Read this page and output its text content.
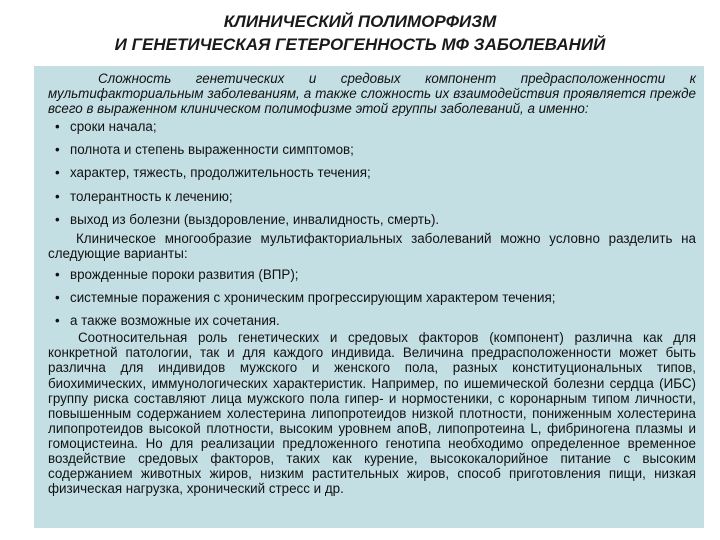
КЛИНИЧЕСКИЙ ПОЛИМОРФИЗМ
И ГЕНЕТИЧЕСКАЯ ГЕТЕРОГЕННОСТЬ МФ ЗАБОЛЕВАНИЙ

Сложность генетических и средовых компонент предрасположенности к мультифакториальным заболеваниям, а также сложность их взаимодействия проявляется прежде всего в выраженном клиническом полимофизме этой группы заболеваний, а именно:

• сроки начала;
• полнота и степень выраженности симптомов;
• характер, тяжесть, продолжительность течения;
• толерантность к лечению;
• выход из болезни (выздоровление, инвалидность, смерть).

Клиническое многообразие мультифакториальных заболеваний можно условно разделить на следующие варианты:

• врожденные пороки развития (ВПР);
• системные поражения с хроническим прогрессирующим характером течения;
• а также возможные их сочетания.

Соотносительная роль генетических и средовых факторов (компонент) различна как для конкретной патологии, так и для каждого индивида. Величина предрасположенности может быть различна для индивидов мужского и женского пола, разных конституциональных типов, биохимических, иммунологических характеристик. Например, по ишемической болезни сердца (ИБС) группу риска составляют лица мужского пола гипер- и нормостеники, с коронарным типом личности, повышенным содержанием холестерина липопротеидов низкой плотности, пониженным холестерина липопротеидов высокой плотности, высоким уровнем апоВ, липопротеина L, фибриногена плазмы и гомоцистеина. Но для реализации предложенного генотипа необходимо определенное временное воздействие средовых факторов, таких как курение, высококалорийное питание с высоким содержанием животных жиров, низким растительных жиров, способ приготовления пищи, низкая физическая нагрузка, хронический стресс и др.
